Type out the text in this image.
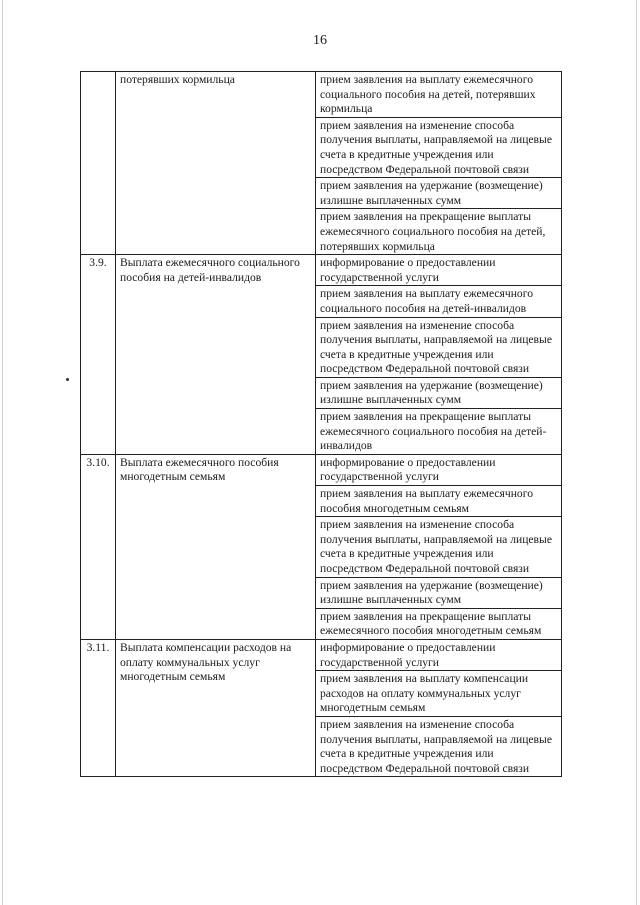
16
	потерявших кормильца	прием заявления на выплату ежемесячного социального пособия на детей, потерявших кормильца

		прием заявления на изменение способа получения выплаты, направляемой на лицевые счета в кредитные учреждения или посредством Федеральной почтовой связи

		прием заявления на удержание (возмещение) излишне выплаченных сумм

		прием заявления на прекращение выплаты ежемесячного социального пособия на детей, потерявших кормильца

3.9.	Выплата ежемесячного социального пособия на детей-инвалидов	информирование о предоставлении государственной услуги

		прием заявления на выплату ежемесячного социального пособия на детей-инвалидов

		прием заявления на изменение способа получения выплаты, направляемой на лицевые счета в кредитные учреждения или посредством Федеральной почтовой связи

		прием заявления на удержание (возмещение) излишне выплаченных сумм

		прием заявления на прекращение выплаты ежемесячного социального пособия на детей-инвалидов

3.10.	Выплата ежемесячного пособия многодетным семьям	информирование о предоставлении государственной услуги

		прием заявления на выплату ежемесячного пособия многодетным семьям

		прием заявления на изменение способа получения выплаты, направляемой на лицевые счета в кредитные учреждения или посредством Федеральной почтовой связи

		прием заявления на удержание (возмещение) излишне выплаченных сумм

		прием заявления на прекращение выплаты ежемесячного пособия многодетным семьям

3.11.	Выплата компенсации расходов на оплату коммунальных услуг многодетным семьям	информирование о предоставлении государственной услуги

		прием заявления на выплату компенсации расходов на оплату коммунальных услуг многодетным семьям

		прием заявления на изменение способа получения выплаты, направляемой на лицевые счета в кредитные учреждения или посредством Федеральной почтовой связи
